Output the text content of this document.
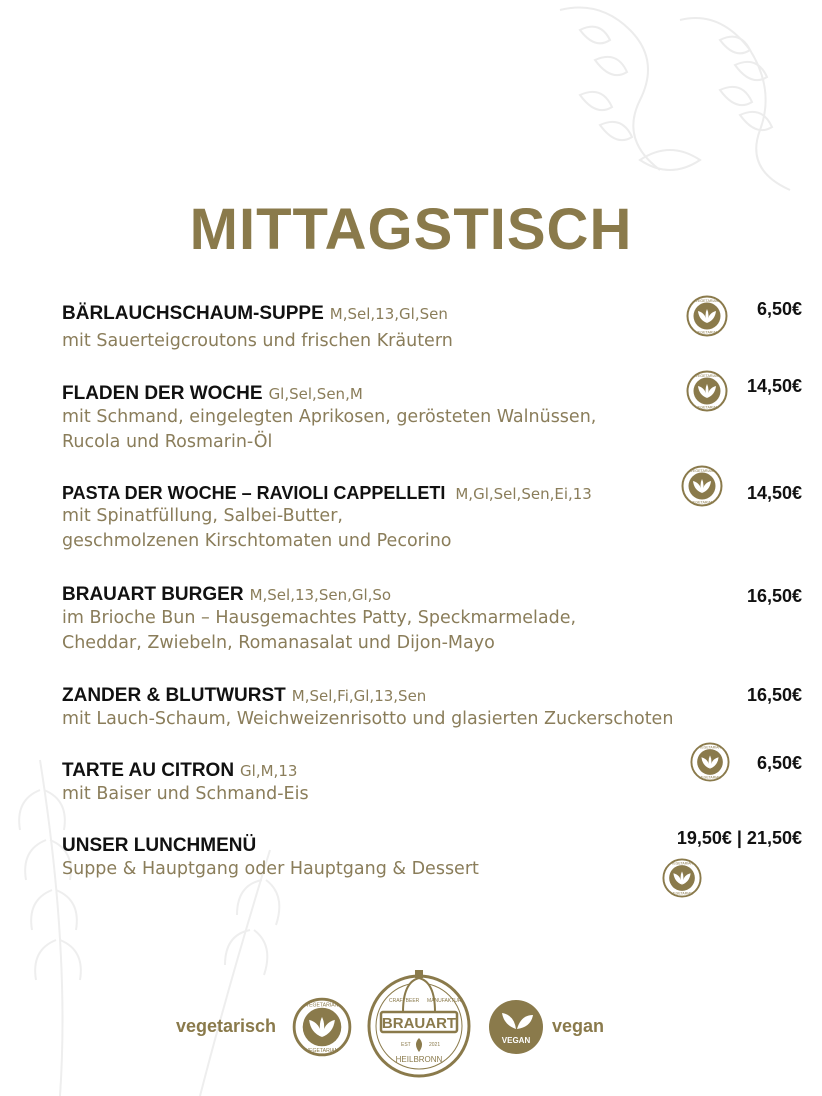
MITTAGSTISCH
BÄRLAUCHSCHAUM-SUPPE M,Sel,13,Gl,Sen
mit Sauerteigcroutons und frischen Kräutern
6,50€
FLADEN DER WOCHE Gl,Sel,Sen,M
mit Schmand, eingelegten Aprikosen, gerösteten Walnüssen,
Rucola und Rosmarin-Öl
14,50€
PASTA DER WOCHE – RAVIOLI CAPPELLETI M,Gl,Sel,Sen,Ei,13
mit Spinatfüllung, Salbei-Butter,
geschmolzenen Kirschtomaten und Pecorino
14,50€
BRAUART BURGER M,Sel,13,Sen,Gl,So
im Brioche Bun – Hausgemachtes Patty, Speckmarmelade,
Cheddar, Zwiebeln, Romanasalat und Dijon-Mayo
16,50€
ZANDER & BLUTWURST M,Sel,Fi,Gl,13,Sen
mit Lauch-Schaum, Weichweizenrisotto und glasierten Zuckerschoten
16,50€
TARTE AU CITRON Gl,M,13
mit Baiser und Schmand-Eis
6,50€
UNSER LUNCHMENÜ
Suppe & Hauptgang oder Hauptgang & Dessert
19,50€ | 21,50€
vegetarisch	BRAUART
CRAFTBEER MANUFAKTUR
EST	2021
HEILBRONN
VEGAN
vegan
